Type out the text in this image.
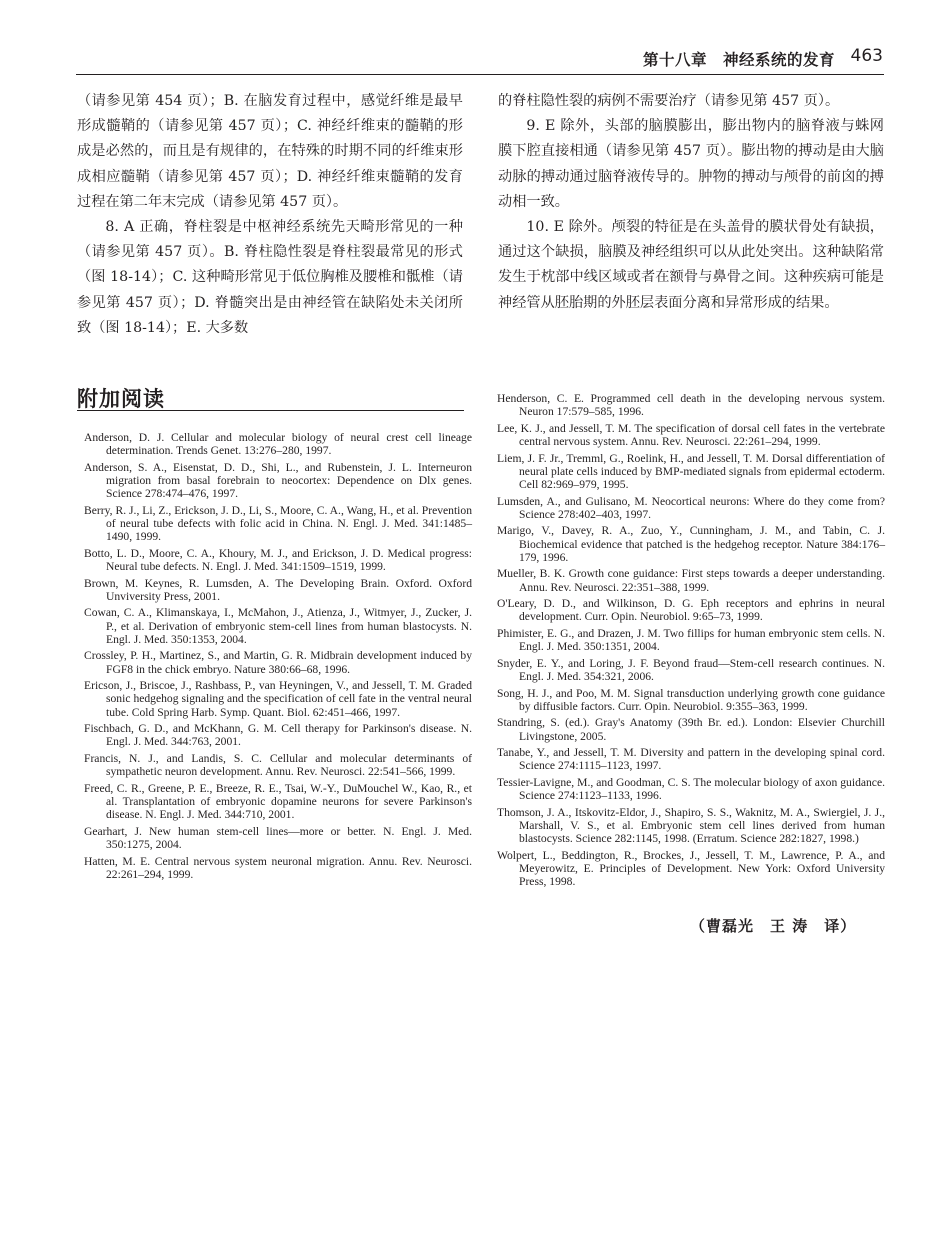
第十八章　神经系统的发育 463

（请参见第 454 页）；B. 在脑发育过程中，感觉纤维是最早形成髓鞘的（请参见第 457 页）；C. 神经纤维束的髓鞘的形成是必然的，而且是有规律的，在特殊的时期不同的纤维束形成相应髓鞘（请参见第 457 页）；D. 神经纤维束髓鞘的发育过程在第二年末完成（请参见第 457 页）。

8. A 正确，脊柱裂是中枢神经系统先天畸形常见的一种（请参见第 457 页）。B. 脊柱隐性裂是脊柱裂最常见的形式（图 18-14）；C. 这种畸形常见于低位胸椎及腰椎和骶椎（请参见第 457 页）；D. 脊髓突出是由神经管在缺陷处未关闭所致（图 18-14）；E. 大多数

的脊柱隐性裂的病例不需要治疗（请参见第 457 页）。

9. E 除外，头部的脑膜膨出，膨出物内的脑脊液与蛛网膜下腔直接相通（请参见第 457 页）。膨出物的搏动是由大脑动脉的搏动通过脑脊液传导的。肿物的搏动与颅骨的前囟的搏动相一致。

10. E 除外。颅裂的特征是在头盖骨的膜状骨处有缺损，通过这个缺损，脑膜及神经组织可以从此处突出。这种缺陷常发生于枕部中线区域或者在额骨与鼻骨之间。这种疾病可能是神经管从胚胎期的外胚层表面分离和异常形成的结果。

附加阅读
Anderson, D. J. Cellular and molecular biology of neural crest cell lineage determination. Trends Genet. 13:276–280, 1997.
Anderson, S. A., Eisenstat, D. D., Shi, L., and Rubenstein, J. L. Interneuron migration from basal forebrain to neocortex: Dependence on Dlx genes. Science 278:474–476, 1997.
Berry, R. J., Li, Z., Erickson, J. D., Li, S., Moore, C. A., Wang, H., et al. Prevention of neural tube defects with folic acid in China. N. Engl. J. Med. 341:1485–1490, 1999.
Botto, L. D., Moore, C. A., Khoury, M. J., and Erickson, J. D. Medical progress: Neural tube defects. N. Engl. J. Med. 341:1509–1519, 1999.
Brown, M. Keynes, R. Lumsden, A. The Developing Brain. Oxford. Oxford Unviversity Press, 2001.
Cowan, C. A., Klimanskaya, I., McMahon, J., Atienza, J., Witmyer, J., Zucker, J. P., et al. Derivation of embryonic stem-cell lines from human blastocysts. N. Engl. J. Med. 350:1353, 2004.
Crossley, P. H., Martinez, S., and Martin, G. R. Midbrain development induced by FGF8 in the chick embryo. Nature 380:66–68, 1996.
Ericson, J., Briscoe, J., Rashbass, P., van Heyningen, V., and Jessell, T. M. Graded sonic hedgehog signaling and the specification of cell fate in the ventral neural tube. Cold Spring Harb. Symp. Quant. Biol. 62:451–466, 1997.
Fischbach, G. D., and McKhann, G. M. Cell therapy for Parkinson's disease. N. Engl. J. Med. 344:763, 2001.
Francis, N. J., and Landis, S. C. Cellular and molecular determinants of sympathetic neuron development. Annu. Rev. Neurosci. 22:541–566, 1999.
Freed, C. R., Greene, P. E., Breeze, R. E., Tsai, W.-Y., DuMouchel W., Kao, R., et al. Transplantation of embryonic dopamine neurons for severe Parkinson's disease. N. Engl. J. Med. 344:710, 2001.
Gearhart, J. New human stem-cell lines—more or better. N. Engl. J. Med. 350:1275, 2004.
Hatten, M. E. Central nervous system neuronal migration. Annu. Rev. Neurosci. 22:261–294, 1999.
Henderson, C. E. Programmed cell death in the developing nervous system. Neuron 17:579–585, 1996.
Lee, K. J., and Jessell, T. M. The specification of dorsal cell fates in the vertebrate central nervous system. Annu. Rev. Neurosci. 22:261–294, 1999.
Liem, J. F. Jr., Tremml, G., Roelink, H., and Jessell, T. M. Dorsal differentiation of neural plate cells induced by BMP-mediated signals from epidermal ectoderm. Cell 82:969–979, 1995.
Lumsden, A., and Gulisano, M. Neocortical neurons: Where do they come from? Science 278:402–403, 1997.
Marigo, V., Davey, R. A., Zuo, Y., Cunningham, J. M., and Tabin, C. J. Biochemical evidence that patched is the hedgehog receptor. Nature 384:176–179, 1996.
Mueller, B. K. Growth cone guidance: First steps towards a deeper understanding. Annu. Rev. Neurosci. 22:351–388, 1999.
O'Leary, D. D., and Wilkinson, D. G. Eph receptors and ephrins in neural development. Curr. Opin. Neurobiol. 9:65–73, 1999.
Phimister, E. G., and Drazen, J. M. Two fillips for human embryonic stem cells. N. Engl. J. Med. 350:1351, 2004.
Snyder, E. Y., and Loring, J. F. Beyond fraud—Stem-cell research continues. N. Engl. J. Med. 354:321, 2006.
Song, H. J., and Poo, M. M. Signal transduction underlying growth cone guidance by diffusible factors. Curr. Opin. Neurobiol. 9:355–363, 1999.
Standring, S. (ed.). Gray's Anatomy (39th Br. ed.). London: Elsevier Churchill Livingstone, 2005.
Tanabe, Y., and Jessell, T. M. Diversity and pattern in the developing spinal cord. Science 274:1115–1123, 1997.
Tessier-Lavigne, M., and Goodman, C. S. The molecular biology of axon guidance. Science 274:1123–1133, 1996.
Thomson, J. A., Itskovitz-Eldor, J., Shapiro, S. S., Waknitz, M. A., Swiergiel, J. J., Marshall, V. S., et al. Embryonic stem cell lines derived from human blastocysts. Science 282:1145, 1998. (Erratum. Science 282:1827, 1998.)
Wolpert, L., Beddington, R., Brockes, J., Jessell, T. M., Lawrence, P. A., and Meyerowitz, E. Principles of Development. New York: Oxford University Press, 1998.
（曹磊光　王 涛　译）
